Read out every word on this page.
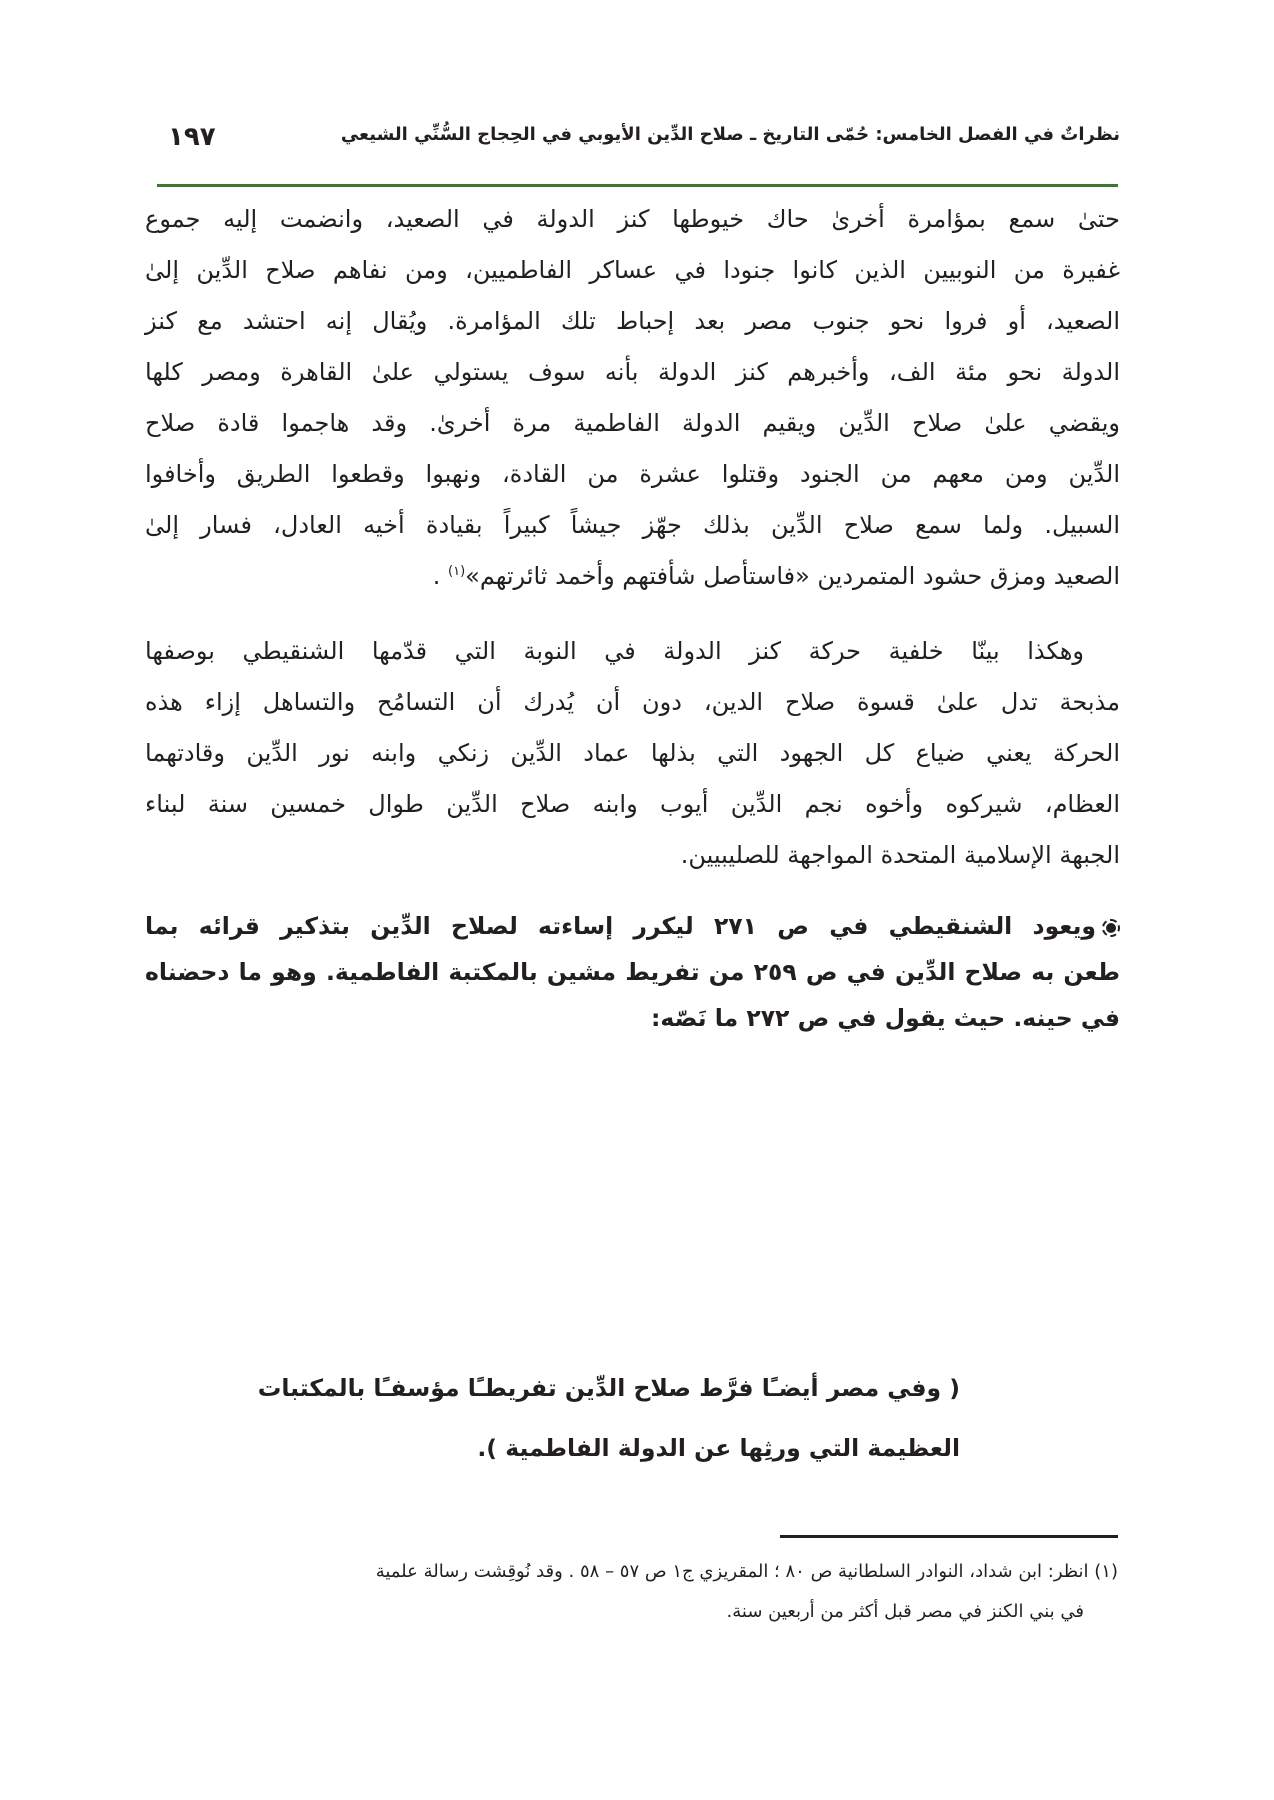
نظراتٌ في الفصل الخامس: حُمّى التاريخ ـ صلاح الدِّين الأيوبي في الحِجاج السُّنِّي الشيعي
١٩٧

حتىٰ سمع بمؤامرة أخرىٰ حاك خيوطها كنز الدولة في الصعيد، وانضمت إليه جموع
غفيرة من النوبيين الذين كانوا جنودا في عساكر الفاطميين، ومن نفاهم صلاح الدِّين إلىٰ
الصعيد، أو فروا نحو جنوب مصر بعد إحباط تلك المؤامرة. ويُقال إنه احتشد مع كنز
الدولة نحو مئة الف، وأخبرهم كنز الدولة بأنه سوف يستولي علىٰ القاهرة ومصر كلها
ويقضي علىٰ صلاح الدِّين ويقيم الدولة الفاطمية مرة أخرىٰ. وقد هاجموا قادة صلاح
الدِّين ومن معهم من الجنود وقتلوا عشرة من القادة، ونهبوا وقطعوا الطريق وأخافوا
السبيل. ولما سمع صلاح الدِّين بذلك جهّز جيشاً كبيراً بقيادة أخيه العادل، فسار إلىٰ
الصعيد ومزق حشود المتمردين «فاستأصل شأفتهم وأخمد ثائرتهم»$^{(١)}$ .

وهكذا بينّا خلفية حركة كنز الدولة في النوبة التي قدّمها الشنقيطي بوصفها
مذبحة تدل علىٰ قسوة صلاح الدين، دون أن يُدرك أن التسامُح والتساهل إزاء هذه
الحركة يعني ضياع كل الجهود التي بذلها عماد الدِّين زنكي وابنه نور الدِّين وقادتهما
العظام، شيركوه وأخوه نجم الدِّين أيوب وابنه صلاح الدِّين طوال خمسين سنة لبناء
الجبهة الإسلامية المتحدة المواجهة للصليبيين.

ويعود الشنقيطي في ص ٢٧١ ليكرر إساءته لصلاح الدِّين بتذكير قرائه بما
طعن به صلاح الدِّين في ص ٢٥٩ من تفريط مشين بالمكتبة الفاطمية. وهو ما دحضناه
في حينه. حيث يقول في ص ٢٧٢ ما نَصّه:

( وفي مصر أيضـًا فرَّط صلاح الدِّين تفريطـًا مؤسفـًا بالمكتبات
العظيمة التي ورثِها عن الدولة الفاطمية ).
(١) انظر: ابن شداد، النوادر السلطانية ص ٨٠ ؛ المقريزي ج١ ص ٥٧ – ٥٨ . وقد نُوقِشت رسالة علمية
في بني الكنز في مصر قبل أكثر من أربعين سنة.
